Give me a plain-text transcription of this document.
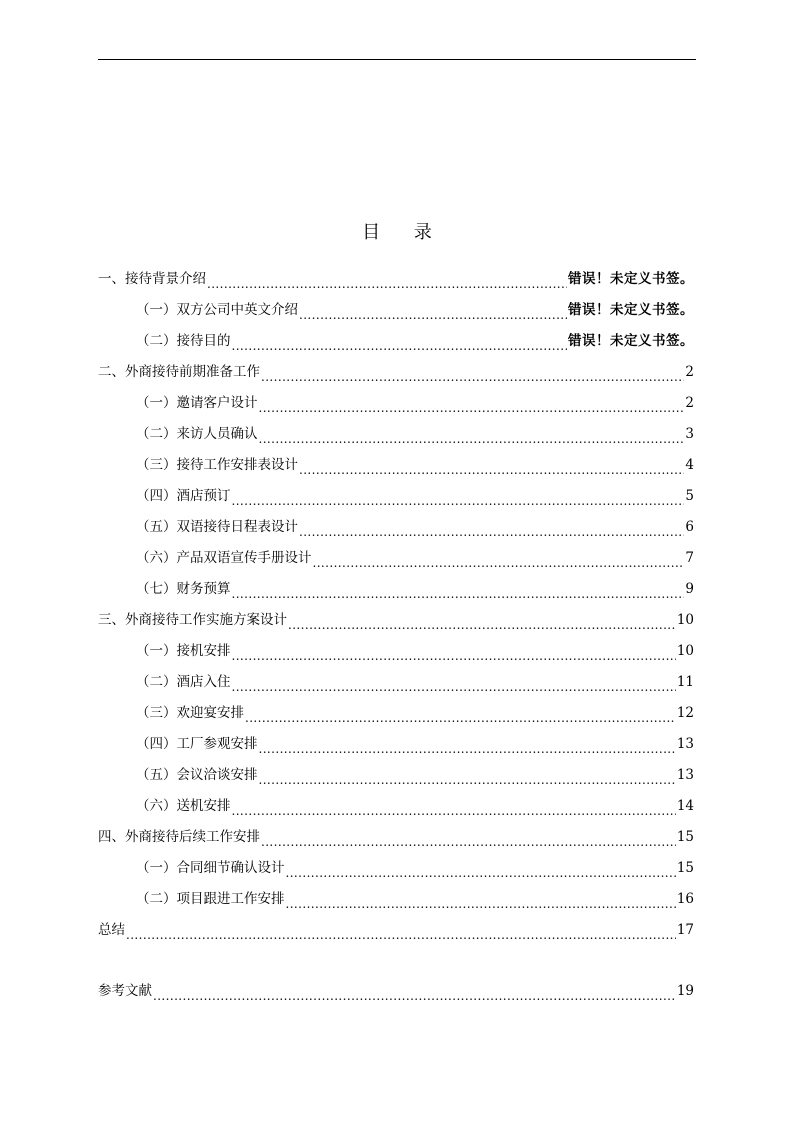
目 录
一、接待背景介绍 .....	错误！未定义书签。
（一）双方公司中英文介绍 .....	错误！未定义书签。
（二）接待目的 .....	错误！未定义书签。
二、外商接待前期准备工作 .....	2
（一）邀请客户设计 .....	2
（二）来访人员确认 .....	3
（三）接待工作安排表设计 .....	4
（四）酒店预订 .....	5
（五）双语接待日程表设计 .....	6
（六）产品双语宣传手册设计 .....	7
（七）财务预算 .....	9
三、外商接待工作实施方案设计 .....	10
（一）接机安排 .....	10
（二）酒店入住 .....	11
（三）欢迎宴安排 .....	12
（四）工厂参观安排 .....	13
（五）会议洽谈安排 .....	13
（六）送机安排 .....	14
四、外商接待后续工作安排 .....	15
（一）合同细节确认设计 .....	15
（二）项目跟进工作安排 .....	16
总结 .....	17
参考文献 .....	19
